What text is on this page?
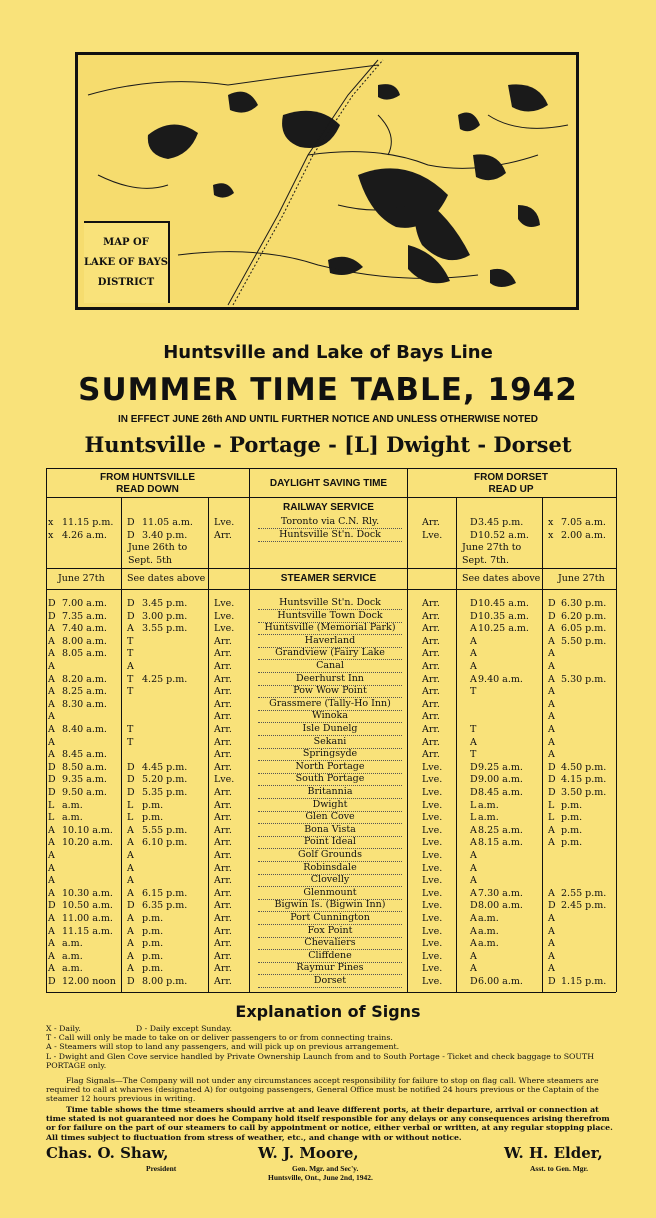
MAP OF
LAKE OF BAYS
DISTRICT
Huntsville and Lake of Bays Line
SUMMER TIME TABLE, 1942
IN EFFECT JUNE 26th AND UNTIL FURTHER NOTICE AND UNLESS OTHERWISE NOTED
Huntsville - Portage - [L] Dwight - Dorset
FROM HUNTSVILLE
READ DOWN
DAYLIGHT SAVING TIME
FROM DORSET
READ UP
RAILWAY SERVICE
x 11.15 p.m. D 11.05 a.m. Lve.	Toronto via C.N. Rly.	Arr.	D 3.45 p.m.	x 7.05 a.m.
x 4.26 a.m. D 3.40 p.m.	Arr.	Huntsville St'n. Dock	Lve.	D 10.52 a.m. x 2.00 a.m.
June 26th to
Sept. 5th
June 27th to
Sept. 7th.
June 27th See dates above	STEAMER SERVICE	See dates above June 27th
D 7.00 a.m. D 3.45 p.m.	Lve.	Huntsville St'n. Dock	Arr.	D 10.45 a.m. D 6.30 p.m.
D 7.35 a.m. D 3.00 p.m.	Lve.	Huntsville Town Dock	Arr.	D 10.35 a.m. D 6.20 p.m.
A 7.40 a.m. A 3.55 p.m.	Lve.	Huntsville (Memorial Park)	Arr.	A 10.25 a.m. A 6.05 p.m.
A 8.00 a.m. T	Arr.	Haverland	Arr.	A	A 5.50 p.m.
A 8.05 a.m. T	Arr.	Grandview (Fairy Lake	Arr.	A	A
A	A	Arr.	Canal	Arr.	A	A
A 8.20 a.m. T 4.25 p.m.	Arr.	Deerhurst Inn	Arr.	A 9.40 a.m.	A 5.30 p.m.
A 8.25 a.m. T	Arr.	Pow Wow Point	Arr.	T	A
A 8.30 a.m.	Arr.	Grassmere (Tally-Ho Inn)	Arr.	A
A	Arr.	Winoka	Arr.	A
A 8.40 a.m. T	Arr.	Isle Dunelg	Arr.	T	A
A	T	Arr.	Sekani	Arr.	A	A
A 8.45 a.m.	Arr.	Springsyde	Arr.	T	A
D 8.50 a.m. D 4.45 p.m.	Arr.	North Portage	Lve.	D 9.25 a.m.	D 4.50 p.m.
D 9.35 a.m. D 5.20 p.m.	Lve.	South Portage	Lve.	D 9.00 a.m.	D 4.15 p.m.
D 9.50 a.m. D 5.35 p.m.	Arr.	Britannia	Lve.	D 8.45 a.m.	D 3.50 p.m.
L a.m.	L p.m.	Arr.	Dwight	Lve.	L a.m.	L p.m.
L a.m.	L p.m.	Arr.	Glen Cove	Lve.	L a.m.	L p.m.
A 10.10 a.m. A 5.55 p.m.	Arr.	Bona Vista	Lve.	A 8.25 a.m.	A p.m.
A 10.20 a.m. A 6.10 p.m.	Arr.	Point Ideal	Lve.	A 8.15 a.m.	A p.m.
A	A	Arr.	Golf Grounds	Lve.	A
A	A	Arr.	Robinsdale	Lve.	A
A	A	Arr.	Clovelly	Lve.	A
A 10.30 a.m. A 6.15 p.m.	Arr.	Glenmount	Lve.	A 7.30 a.m.	A 2.55 p.m.
D 10.50 a.m. D 6.35 p.m.	Arr.	Bigwin Is. (Bigwin Inn)	Lve.	D 8.00 a.m.	D 2.45 p.m.
A 11.00 a.m. A p.m.	Arr.	Port Cunnington	Lve.	A a.m.	A
A 11.15 a.m. A p.m.	Arr.	Fox Point	Lve.	A a.m.	A
A a.m.	A p.m.	Arr.	Chevaliers	Lve.	A a.m.	A
A a.m.	A p.m.	Arr.	Cliffdene	Lve.	A	A
A a.m.	A p.m.	Arr.	Raymur Pines	Lve.	A	A
D 12.00 noon D 8.00 p.m.	Arr.	Dorset	Lve.	D 6.00 a.m.	D 1.15 p.m.
Explanation of Signs
X - Daily.	D - Daily except Sunday.
T - Call will only be made to take on or deliver passengers to or from connecting trains.
A - Steamers will stop to land any passengers, and will pick up on previous arrangement.
L - Dwight and Glen Cove service handled by Private Ownership Launch from and to South Portage - Ticket and check baggage to SOUTH PORTAGE only.
Flag Signals—The Company will not under any circumstances accept responsibility for failure to stop on flag call. Where steamers are required to call at wharves (designated A) for outgoing passengers, General Office must be notified 24 hours previous or the Captain of the steamer 12 hours previous in writing.
Time table shows the time steamers should arrive at and leave different ports, at their departure, arrival or connection at time stated is not guaranteed nor does he Company hold itself responsible for any delays or any consequences arising therefrom or for failure on the part of our steamers to call by appointment or notice, either verbal or written, at any regular stopping place. All times subject to fluctuation from stress of weather, etc., and change with or without notice.
Chas. O. Shaw,
President
W. J. Moore,
Gen. Mgr. and Sec'y.
Huntsville, Ont., June 2nd, 1942.
W. H. Elder,
Asst. to Gen. Mgr.
